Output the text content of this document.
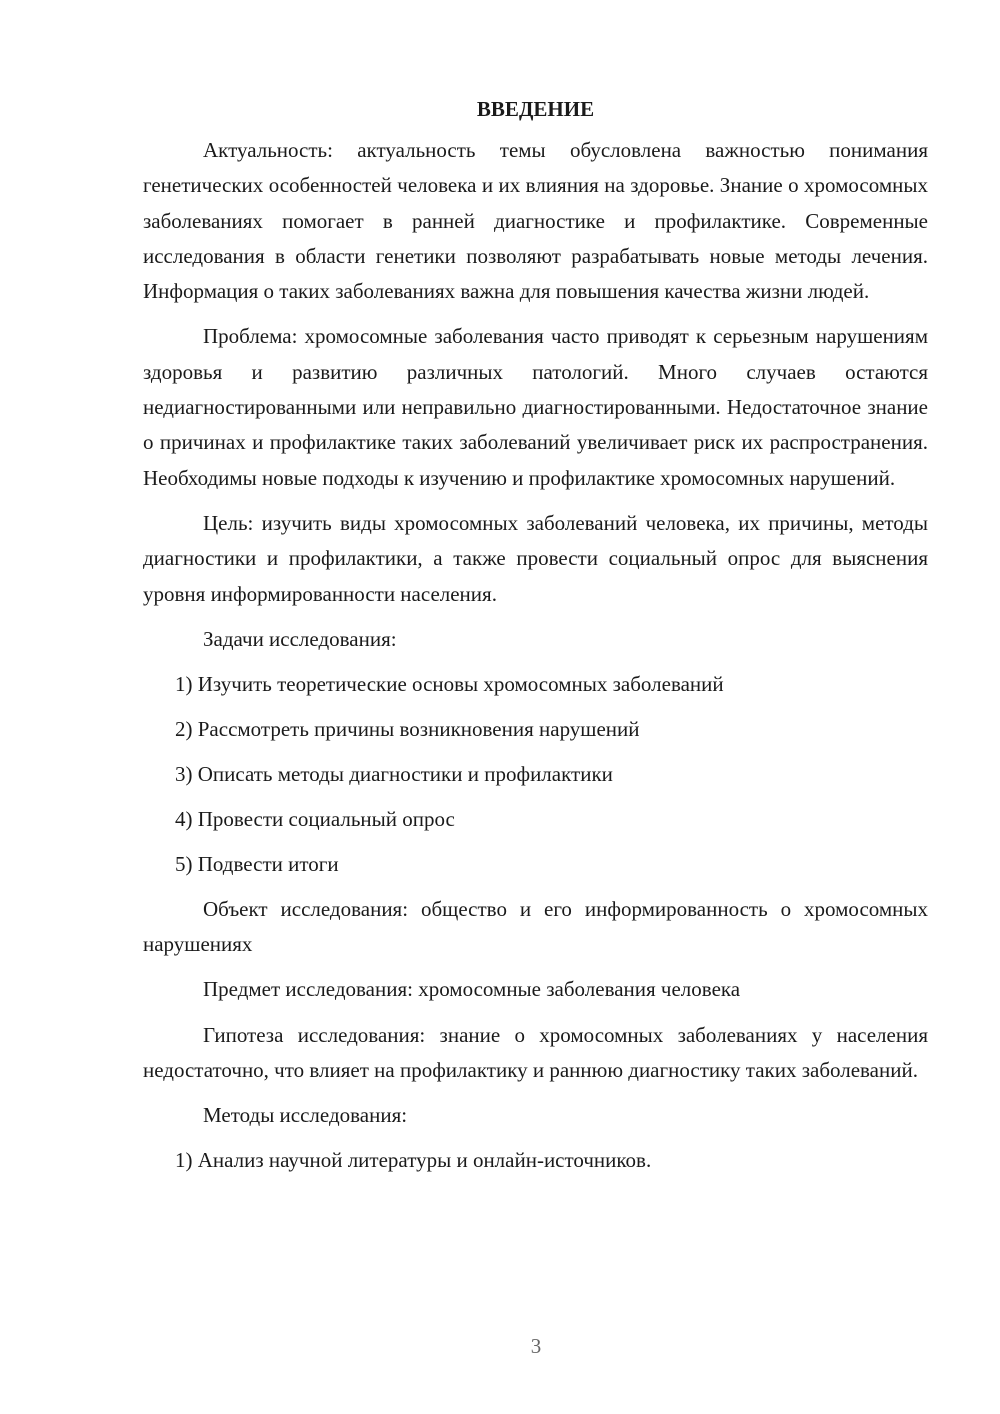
ВВЕДЕНИЕ

Актуальность: актуальность темы обусловлена важностью понимания генетических особенностей человека и их влияния на здоровье. Знание о хромосомных заболеваниях помогает в ранней диагностике и профилактике. Современные исследования в области генетики позволяют разрабатывать новые методы лечения. Информация о таких заболеваниях важна для повышения качества жизни людей.

Проблема: хромосомные заболевания часто приводят к серьезным нарушениям здоровья и развитию различных патологий. Много случаев остаются недиагностированными или неправильно диагностированными. Недостаточное знание о причинах и профилактике таких заболеваний увеличивает риск их распространения. Необходимы новые подходы к изучению и профилактике хромосомных нарушений.

Цель: изучить виды хромосомных заболеваний человека, их причины, методы диагностики и профилактики, а также провести социальный опрос для выяснения уровня информированности населения.

Задачи исследования:
1) Изучить теоретические основы хромосомных заболеваний
2) Рассмотреть причины возникновения нарушений
3) Описать методы диагностики и профилактики
4) Провести социальный опрос
5) Подвести итоги

Объект исследования: общество и его информированность о хромосомных нарушениях

Предмет исследования: хромосомные заболевания человека

Гипотеза исследования: знание о хромосомных заболеваниях у населения недостаточно, что влияет на профилактику и раннюю диагностику таких заболеваний.

Методы исследования:
1) Анализ научной литературы и онлайн-источников.
3
